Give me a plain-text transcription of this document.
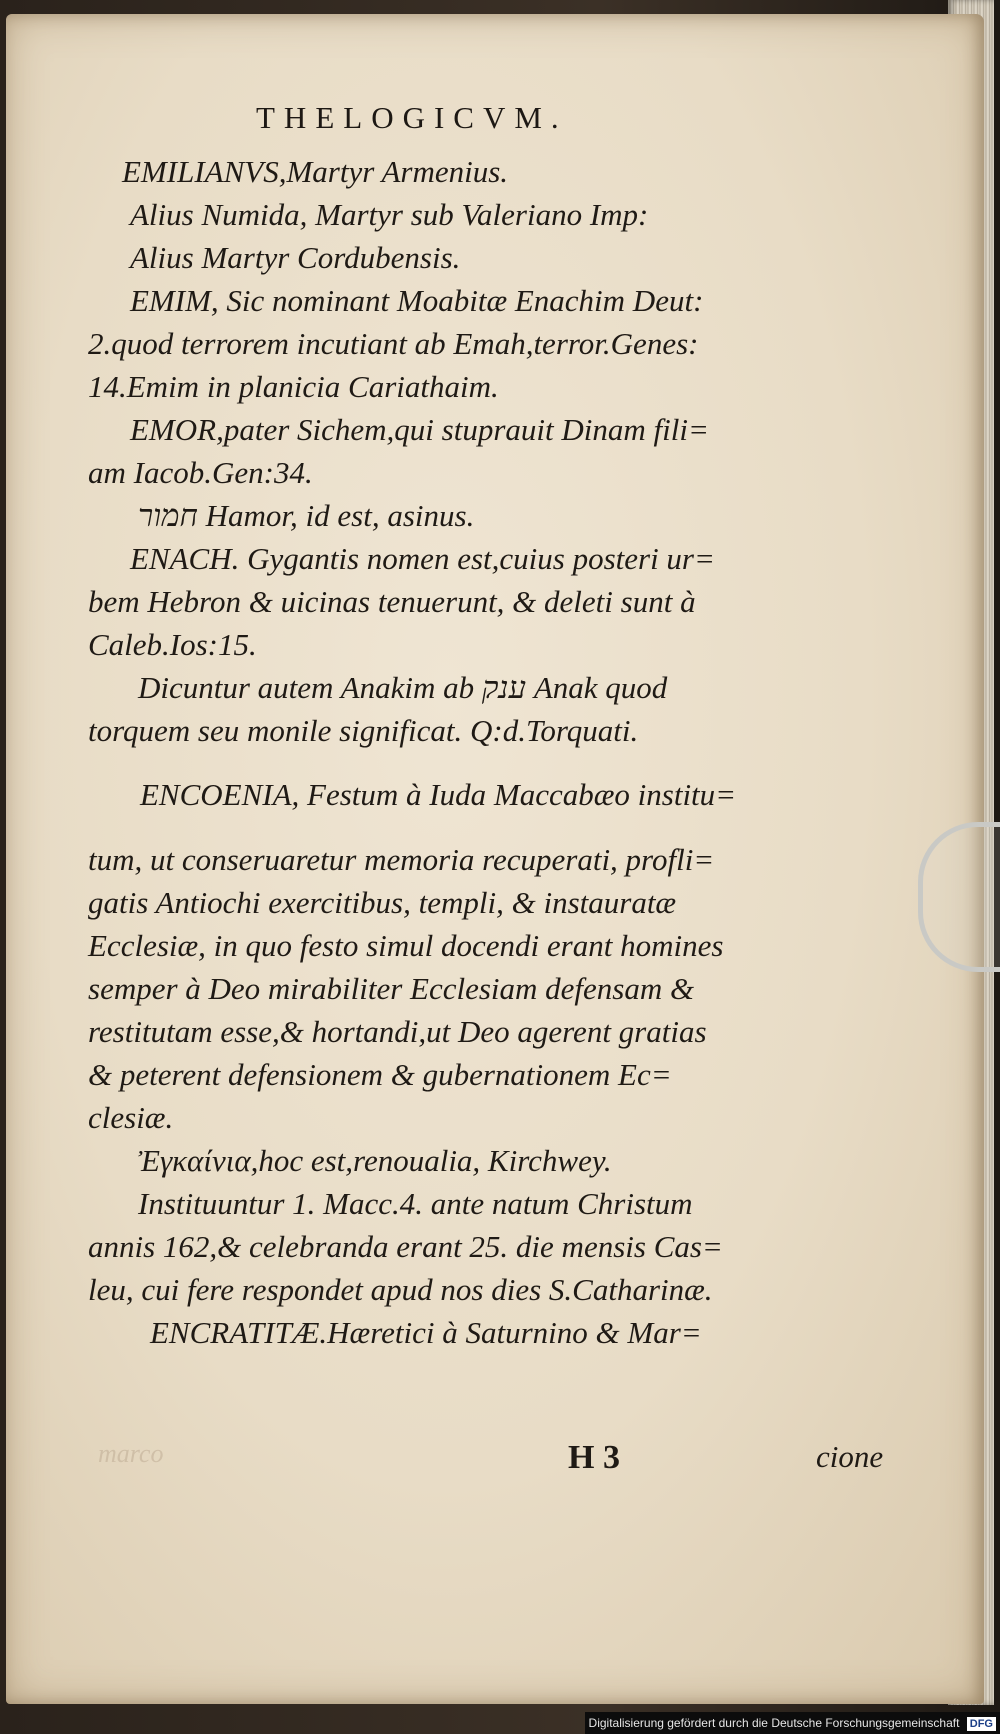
THELOGICVM.
EMILIANVS,Martyr Armenius.
Alius Numida, Martyr sub Valeriano Imp:
Alius Martyr Cordubensis.
EMIM, Sic nominant Moabitæ Enachim Deut:
2.quod terrorem incutiant ab Emah,terror.Genes:
14.Emim in planicia Cariathaim.
EMOR,pater Sichem,qui stuprauit Dinam fili=
am Iacob.Gen:34.
חמור Hamor, id est, asinus.
ENACH. Gygantis nomen est,cuius posteri ur=
bem Hebron & uicinas tenuerunt, & deleti sunt à
Caleb.Ios:15.
Dicuntur autem Anakim ab ענק Anak quod
torquem seu monile significat. Q:d.Torquati.
ENCOENIA, Festum à Iuda Maccabæo institu=
tum, ut conseruaretur memoria recuperati, profli=
gatis Antiochi exercitibus, templi, & instauratæ
Ecclesiæ, in quo festo simul docendi erant homines
semper à Deo mirabiliter Ecclesiam defensam &
restitutam esse,& hortandi,ut Deo agerent gratias
& peterent defensionem & gubernationem Ec=
clesiæ.
Ἐγκαίνια,hoc est,renoualia, Kirchwey.
Instituuntur 1. Macc.4. ante natum Christum
annis 162,& celebranda erant 25. die mensis Cas=
leu, cui fere respondet apud nos dies S.Catharinæ.
ENCRATITÆ.Hæretici à Saturnino & Mar=
marco	H 3	cione
Digitalisierung gefördert durch die Deutsche Forschungsgemeinschaft DFG
